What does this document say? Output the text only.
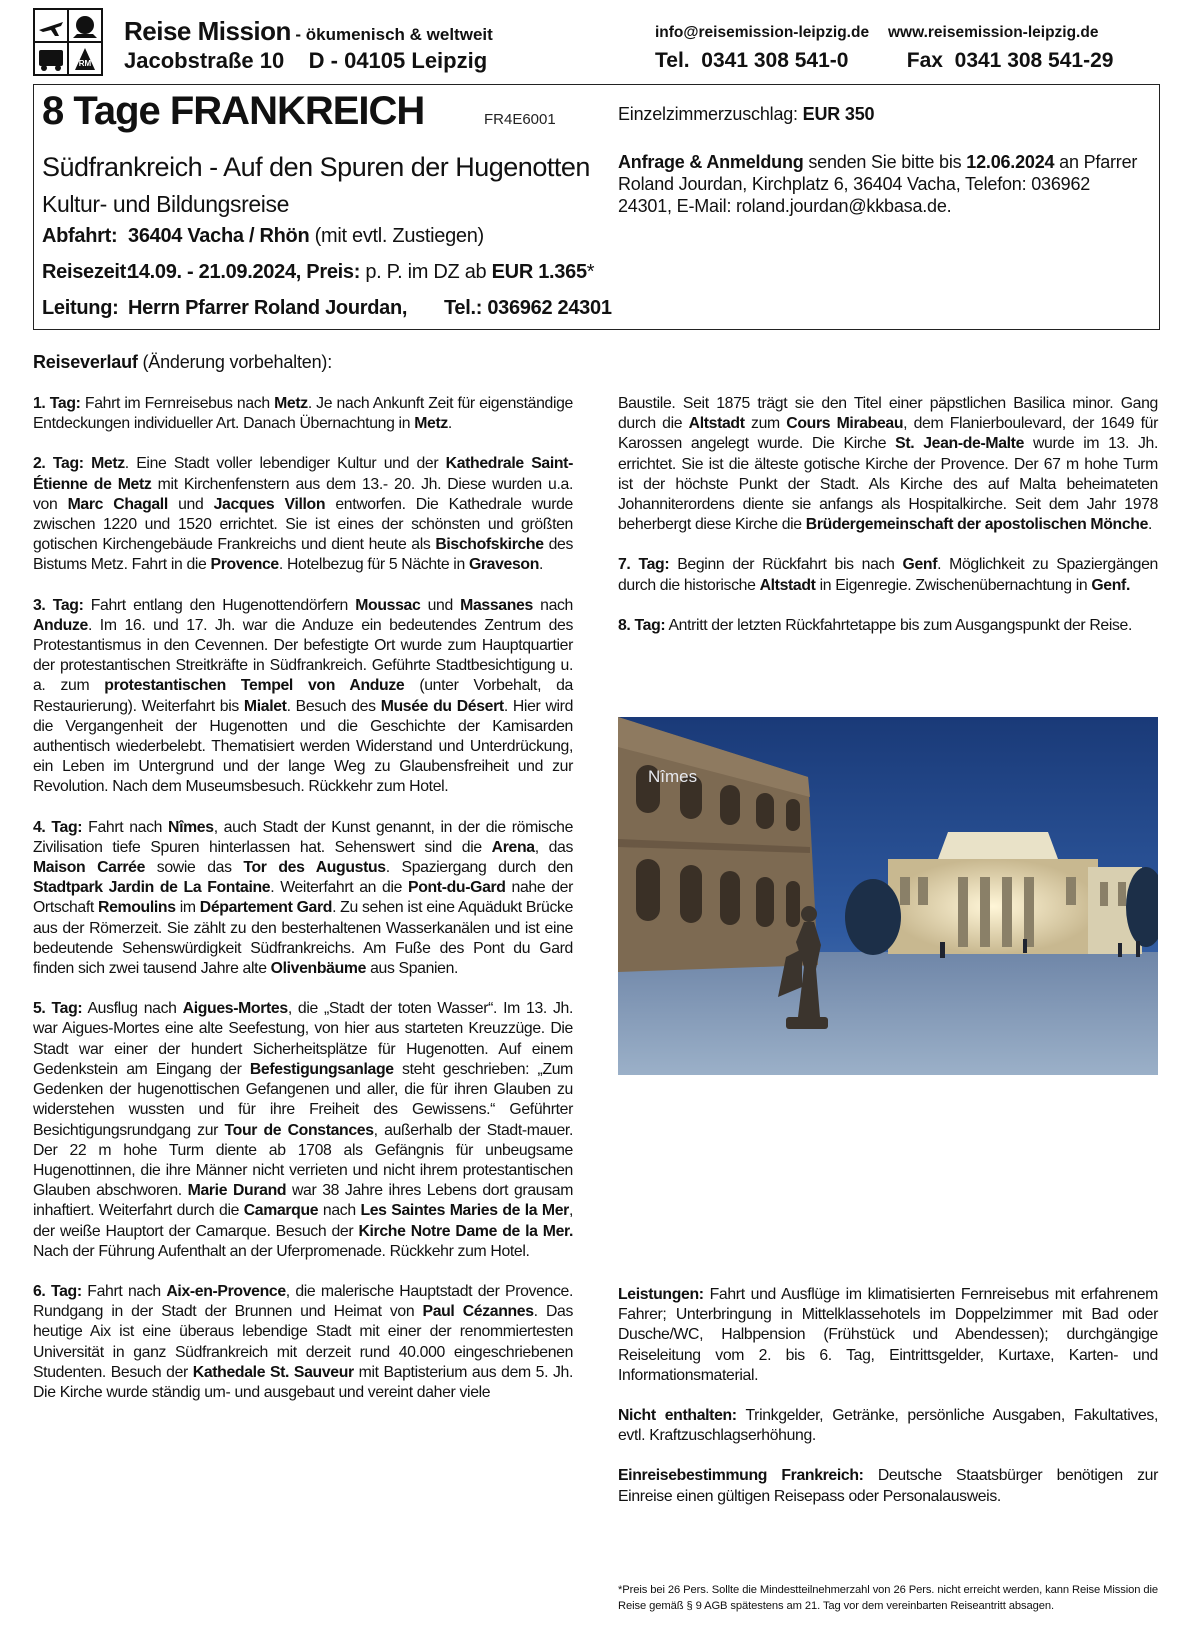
RM
Reise Mission - ökumenisch & weltweit
Jacobstraße 10    D - 04105 Leipzig
info@reisemission-leipzig.de www.reisemission-leipzig.de
Tel.  0341 308 541-0	Fax  0341 308 541-29
8 Tage FRANKREICH	FR4E6001
Südfrankreich - Auf den Spuren der Hugenotten
Kultur- und Bildungsreise
Abfahrt: 36404 Vacha / Rhön (mit evtl. Zustiegen)
Reisezeit:14.09. - 21.09.2024, Preis: p. P. im DZ ab EUR 1.365*
Leitung: Herrn Pfarrer Roland Jourdan, Tel.: 036962 24301
Einzelzimmerzuschlag: EUR 350
Anfrage & Anmeldung senden Sie bitte bis 12.06.2024 an Pfarrer Roland Jourdan, Kirchplatz 6, 36404 Vacha, Telefon: 036962 24301, E-Mail: roland.jourdan@kkbasa.de.
Reiseverlauf (Änderung vorbehalten):

1. Tag: Fahrt im Fernreisebus nach Metz. Je nach Ankunft Zeit für eigenständige Entdeckungen individueller Art. Danach Übernachtung in Metz.

2. Tag: Metz. Eine Stadt voller lebendiger Kultur und der Kathedrale Saint-Étienne de Metz mit Kirchenfenstern aus dem 13.- 20. Jh. Diese wurden u.a. von Marc Chagall und Jacques Villon entworfen. Die Kathedrale wurde zwischen 1220 und 1520 errichtet. Sie ist eines der schönsten und größten gotischen Kirchengebäude Frankreichs und dient heute als Bischofskirche des Bistums Metz. Fahrt in die Provence. Hotelbezug für 5 Nächte in Graveson.

3. Tag: Fahrt entlang den Hugenottendörfern Moussac und Massanes nach Anduze. Im 16. und 17. Jh. war die Anduze ein bedeutendes Zentrum des Protestantismus in den Cevennen. Der befestigte Ort wurde zum Hauptquartier der protestantischen Streitkräfte in Südfrankreich. Geführte Stadtbesichtigung u. a. zum protestantischen Tempel von Anduze (unter Vorbehalt, da Restaurierung). Weiterfahrt bis Mialet. Besuch des Musée du Désert. Hier wird die Vergangenheit der Hugenotten und die Geschichte der Kamisarden authentisch wiederbelebt. Thematisiert werden Widerstand und Unterdrückung, ein Leben im Untergrund und der lange Weg zu Glaubensfreiheit und zur Revolution. Nach dem Museumsbesuch. Rückkehr zum Hotel.

4. Tag: Fahrt nach Nîmes, auch Stadt der Kunst genannt, in der die römische Zivilisation tiefe Spuren hinterlassen hat. Sehenswert sind die Arena, das Maison Carrée sowie das Tor des Augustus. Spaziergang durch den Stadtpark Jardin de La Fontaine. Weiterfahrt an die Pont-du-Gard nahe der Ortschaft Remoulins im Département Gard. Zu sehen ist eine Aquädukt Brücke aus der Römerzeit. Sie zählt zu den besterhaltenen Wasserkanälen und ist eine bedeutende Sehenswürdigkeit Südfrankreichs. Am Fuße des Pont du Gard finden sich zwei tausend Jahre alte Olivenbäume aus Spanien.

5. Tag: Ausflug nach Aigues-Mortes, die „Stadt der toten Wasser“. Im 13. Jh. war Aigues-Mortes eine alte Seefestung, von hier aus starteten Kreuzzüge. Die Stadt war einer der hundert Sicherheitsplätze für Hugenotten. Auf einem Gedenkstein am Eingang der Befestigungsanlage steht geschrieben: „Zum Gedenken der hugenottischen Gefangenen und aller, die für ihren Glauben zu widerstehen wussten und für ihre Freiheit des Gewissens.“ Geführter Besichtigungsrundgang zur Tour de Constances, außerhalb der Stadt-mauer. Der 22 m hohe Turm diente ab 1708 als Gefängnis für unbeugsame Hugenottinnen, die ihre Männer nicht verrieten und nicht ihrem protestantischen Glauben abschworen. Marie Durand war 38 Jahre ihres Lebens dort grausam inhaftiert. Weiterfahrt durch die Camarque nach Les Saintes Maries de la Mer, der weiße Hauptort der Camarque. Besuch der Kirche Notre Dame de la Mer. Nach der Führung Aufenthalt an der Uferpromenade. Rückkehr zum Hotel.

6. Tag: Fahrt nach Aix-en-Provence, die malerische Hauptstadt der Provence. Rundgang in der Stadt der Brunnen und Heimat von Paul Cézannes. Das heutige Aix ist eine überaus lebendige Stadt mit einer der renommiertesten Universität in ganz Südfrankreich mit derzeit rund 40.000 eingeschriebenen Studenten. Besuch der Kathedale St. Sauveur mit Baptisterium aus dem 5. Jh. Die Kirche wurde ständig um- und ausgebaut und vereint daher viele

Baustile. Seit 1875 trägt sie den Titel einer päpstlichen Basilica minor. Gang durch die Altstadt zum Cours Mirabeau, dem Flanierboulevard, der 1649 für Karossen angelegt wurde. Die Kirche St. Jean-de-Malte wurde im 13. Jh. errichtet. Sie ist die älteste gotische Kirche der Provence. Der 67 m hohe Turm ist der höchste Punkt der Stadt. Als Kirche des auf Malta beheimateten Johanniterordens diente sie anfangs als Hospitalkirche. Seit dem Jahr 1978 beherbergt diese Kirche die Brüdergemeinschaft der apostolischen Mönche.

7. Tag: Beginn der Rückfahrt bis nach Genf. Möglichkeit zu Spaziergängen durch die historische Altstadt in Eigenregie. Zwischenübernachtung in Genf.

8. Tag: Antritt der letzten Rückfahrtetappe bis zum Ausgangspunkt der Reise.

Nîmes

Leistungen: Fahrt und Ausflüge im klimatisierten Fernreisebus mit erfahrenem Fahrer; Unterbringung in Mittelklassehotels im Doppelzimmer mit Bad oder Dusche/WC, Halbpension (Frühstück und Abendessen); durchgängige Reiseleitung vom 2. bis 6. Tag, Eintrittsgelder, Kurtaxe, Karten- und Informationsmaterial.

Nicht enthalten: Trinkgelder, Getränke, persönliche Ausgaben, Fakultatives, evtl. Kraftzuschlagserhöhung.

Einreisebestimmung Frankreich: Deutsche Staatsbürger benötigen zur Einreise einen gültigen Reisepass oder Personalausweis.

*Preis bei 26 Pers. Sollte die Mindestteilnehmerzahl von 26 Pers. nicht erreicht werden, kann Reise Mission die Reise gemäß § 9 AGB spätestens am 21. Tag vor dem vereinbarten Reiseantritt absagen.
